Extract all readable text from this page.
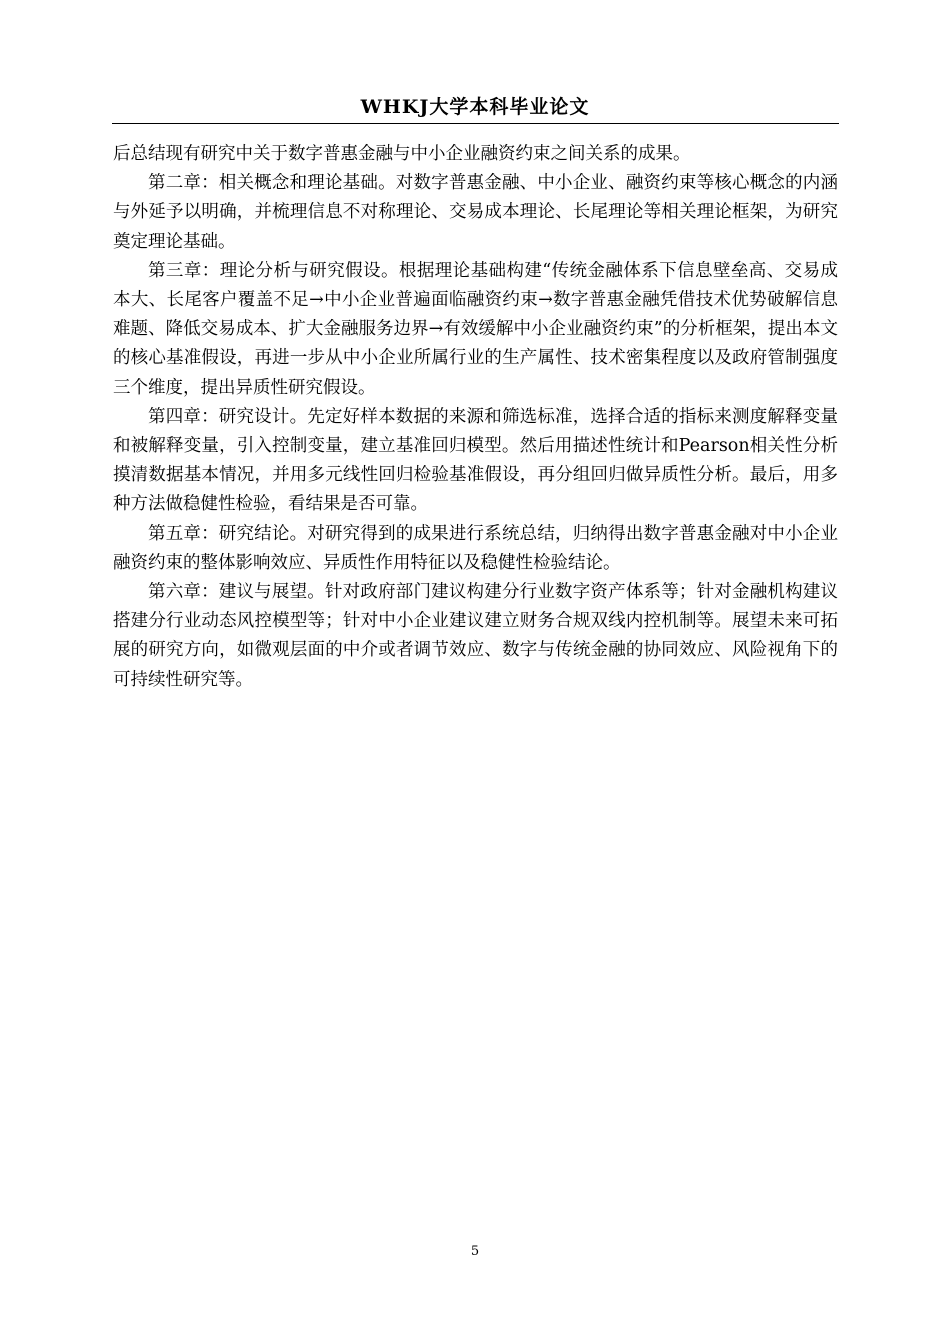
WHKJ大学本科毕业论文

后总结现有研究中关于数字普惠金融与中小企业融资约束之间关系的成果。

第二章：相关概念和理论基础。对数字普惠金融、中小企业、融资约束等核心概念的内涵与外延予以明确，并梳理信息不对称理论、交易成本理论、长尾理论等相关理论框架，为研究奠定理论基础。

第三章：理论分析与研究假设。根据理论基础构建“传统金融体系下信息壁垒高、交易成本大、长尾客户覆盖不足→中小企业普遍面临融资约束→数字普惠金融凭借技术优势破解信息难题、降低交易成本、扩大金融服务边界→有效缓解中小企业融资约束”的分析框架，提出本文的核心基准假设，再进一步从中小企业所属行业的生产属性、技术密集程度以及政府管制强度三个维度，提出异质性研究假设。

第四章：研究设计。先定好样本数据的来源和筛选标准，选择合适的指标来测度解释变量和被解释变量，引入控制变量，建立基准回归模型。然后用描述性统计和Pearson相关性分析摸清数据基本情况，并用多元线性回归检验基准假设，再分组回归做异质性分析。最后，用多种方法做稳健性检验，看结果是否可靠。

第五章：研究结论。对研究得到的成果进行系统总结，归纳得出数字普惠金融对中小企业融资约束的整体影响效应、异质性作用特征以及稳健性检验结论。

第六章：建议与展望。针对政府部门建议构建分行业数字资产体系等；针对金融机构建议搭建分行业动态风控模型等；针对中小企业建议建立财务合规双线内控机制等。展望未来可拓展的研究方向，如微观层面的中介或者调节效应、数字与传统金融的协同效应、风险视角下的可持续性研究等。

5
